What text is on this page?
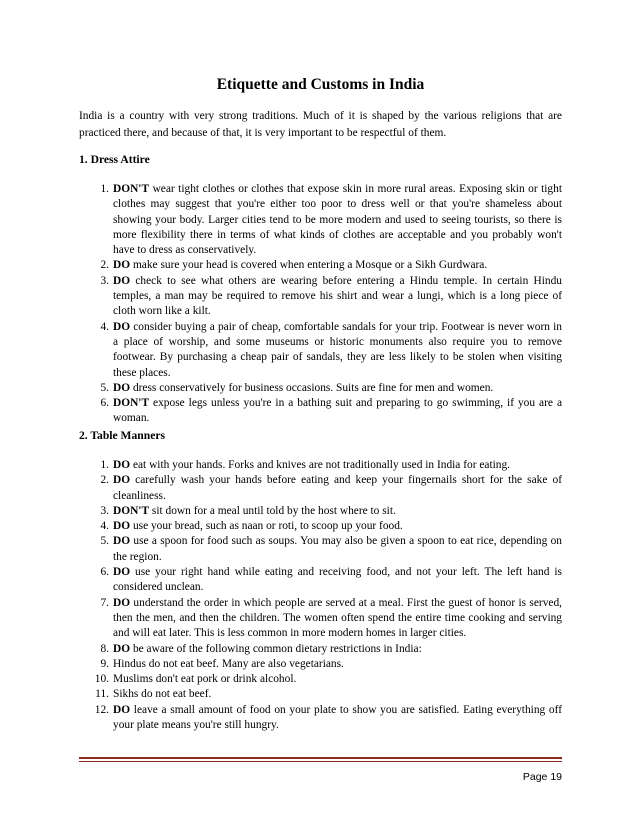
Etiquette and Customs in India

India is a country with very strong traditions. Much of it is shaped by the various religions that are practiced there, and because of that, it is very important to be respectful of them.

1. Dress Attire
1. DON'T wear tight clothes or clothes that expose skin in more rural areas. Exposing skin or tight clothes may suggest that you're either too poor to dress well or that you're shameless about showing your body. Larger cities tend to be more modern and used to seeing tourists, so there is more flexibility there in terms of what kinds of clothes are acceptable and you probably won't have to dress as conservatively.
2. DO make sure your head is covered when entering a Mosque or a Sikh Gurdwara.
3. DO check to see what others are wearing before entering a Hindu temple. In certain Hindu temples, a man may be required to remove his shirt and wear a lungi, which is a long piece of cloth worn like a kilt.
4. DO consider buying a pair of cheap, comfortable sandals for your trip. Footwear is never worn in a place of worship, and some museums or historic monuments also require you to remove footwear. By purchasing a cheap pair of sandals, they are less likely to be stolen when visiting these places.
5. DO dress conservatively for business occasions. Suits are fine for men and women.
6. DON'T expose legs unless you're in a bathing suit and preparing to go swimming, if you are a woman.
2. Table Manners
1. DO eat with your hands. Forks and knives are not traditionally used in India for eating.
2. DO carefully wash your hands before eating and keep your fingernails short for the sake of cleanliness.
3. DON'T sit down for a meal until told by the host where to sit.
4. DO use your bread, such as naan or roti, to scoop up your food.
5. DO use a spoon for food such as soups. You may also be given a spoon to eat rice, depending on the region.
6. DO use your right hand while eating and receiving food, and not your left. The left hand is considered unclean.
7. DO understand the order in which people are served at a meal. First the guest of honor is served, then the men, and then the children. The women often spend the entire time cooking and serving and will eat later. This is less common in more modern homes in larger cities.
8. DO be aware of the following common dietary restrictions in India:
9. Hindus do not eat beef. Many are also vegetarians.
10. Muslims don't eat pork or drink alcohol.
11. Sikhs do not eat beef.
12. DO leave a small amount of food on your plate to show you are satisfied. Eating everything off your plate means you're still hungry.
Page 19
